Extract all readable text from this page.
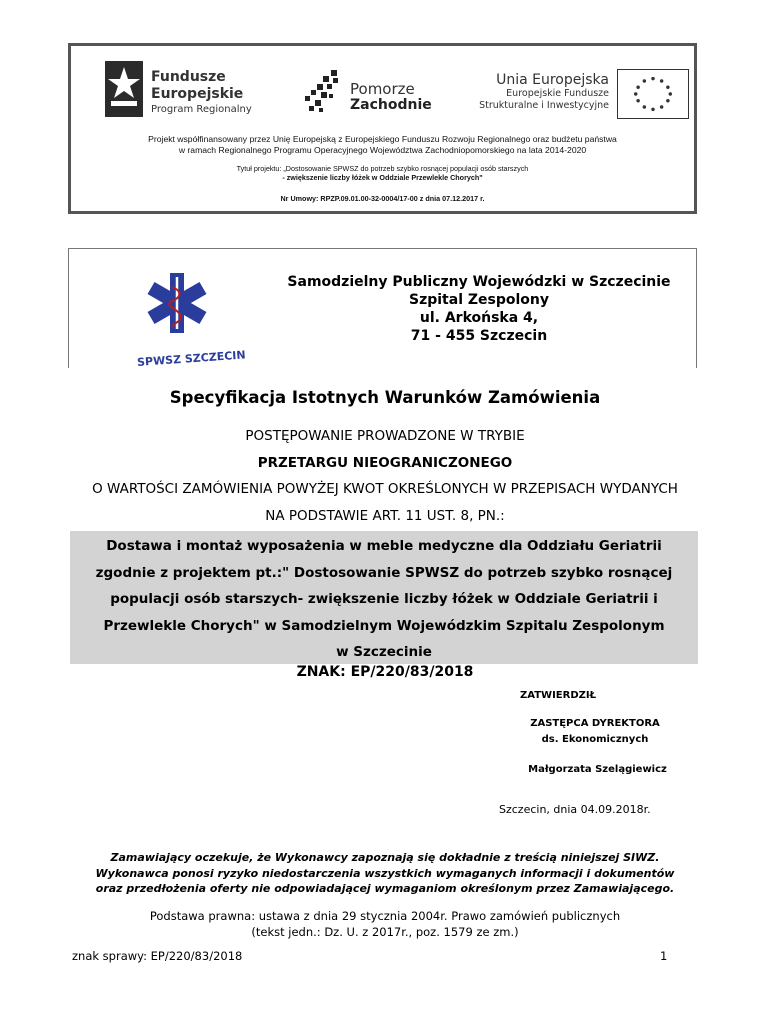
Fundusze
Europejskie
Program Regionalny
Pomorze
Zachodnie
Unia Europejska
Europejskie Fundusze
Strukturalne i Inwestycyjne
Projekt współfinansowany przez Unię Europejską z Europejskiego Funduszu Rozwoju Regionalnego oraz budżetu państwa
w ramach Regionalnego Programu Operacyjnego Województwa Zachodniopomorskiego na lata 2014-2020
Tytuł projektu: „Dostosowanie SPWSZ do potrzeb szybko rosnącej populacji osób starszych
- zwiększenie liczby łóżek w Oddziale Przewlekle Chorych"
Nr Umowy: RPZP.09.01.00-32-0004/17-00 z dnia 07.12.2017 r.
SPWSZ SZCZECIN
Samodzielny Publiczny Wojewódzki w Szczecinie
Szpital Zespolony
ul. Arkońska 4,
71 - 455 Szczecin
Specyfikacja Istotnych Warunków Zamówienia
POSTĘPOWANIE PROWADZONE W TRYBIE
PRZETARGU NIEOGRANICZONEGO
O WARTOŚCI ZAMÓWIENIA POWYŻEJ KWOT OKREŚLONYCH W PRZEPISACH WYDANYCH
NA PODSTAWIE ART. 11 UST. 8, PN.:
Dostawa i montaż wyposażenia w meble medyczne dla Oddziału Geriatrii
zgodnie z projektem pt.:" Dostosowanie SPWSZ do potrzeb szybko rosnącej
populacji osób starszych- zwiększenie liczby łóżek w Oddziale Geriatrii i
Przewlekle Chorych" w Samodzielnym Wojewódzkim Szpitalu Zespolonym
w Szczecinie
ZNAK: EP/220/83/2018
ZATWIERDZIŁ
ZASTĘPCA DYREKTORA
ds. Ekonomicznych
Małgorzata Szelągiewicz
Szczecin, dnia 04.09.2018r.
Zamawiający oczekuje, że Wykonawcy zapoznają się dokładnie z treścią niniejszej SIWZ.
Wykonawca ponosi ryzyko niedostarczenia wszystkich wymaganych informacji i dokumentów
oraz przedłożenia oferty nie odpowiadającej wymaganiom określonym przez Zamawiającego.
Podstawa prawna: ustawa z dnia 29 stycznia 2004r. Prawo zamówień publicznych
(tekst jedn.: Dz. U. z 2017r., poz. 1579 ze zm.)
znak sprawy: EP/220/83/2018	1
